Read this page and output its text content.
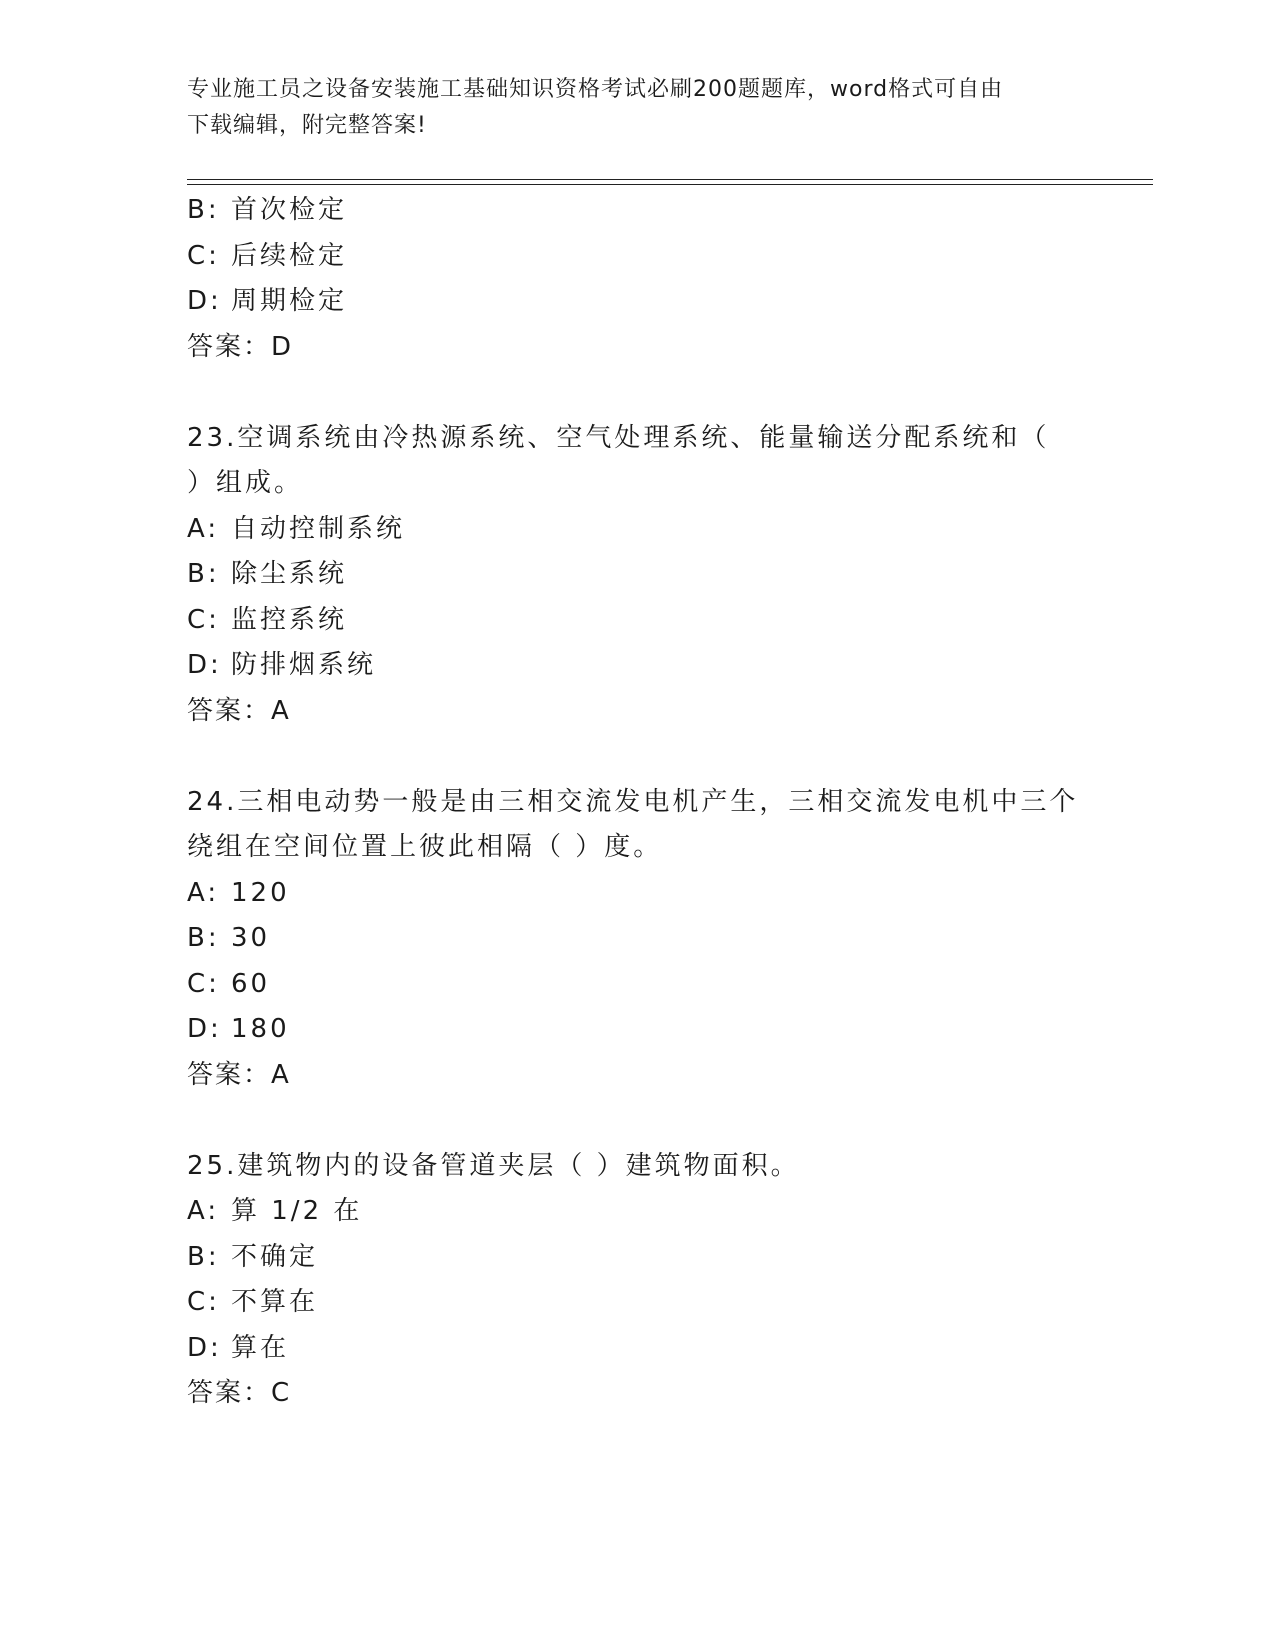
专业施工员之设备安装施工基础知识资格考试必刷200题题库，word格式可自由
下载编辑，附完整答案!
B: 首次检定
C: 后续检定
D: 周期检定
答案：D
23.空调系统由冷热源系统、空气处理系统、能量输送分配系统和（
）组成。
A: 自动控制系统
B: 除尘系统
C: 监控系统
D: 防排烟系统
答案：A
24.三相电动势一般是由三相交流发电机产生，三相交流发电机中三个
绕组在空间位置上彼此相隔（ ）度。
A: 120
B: 30
C: 60
D: 180
答案：A
25.建筑物内的设备管道夹层（ ）建筑物面积。
A: 算 1/2 在
B: 不确定
C: 不算在
D: 算在
答案：C
